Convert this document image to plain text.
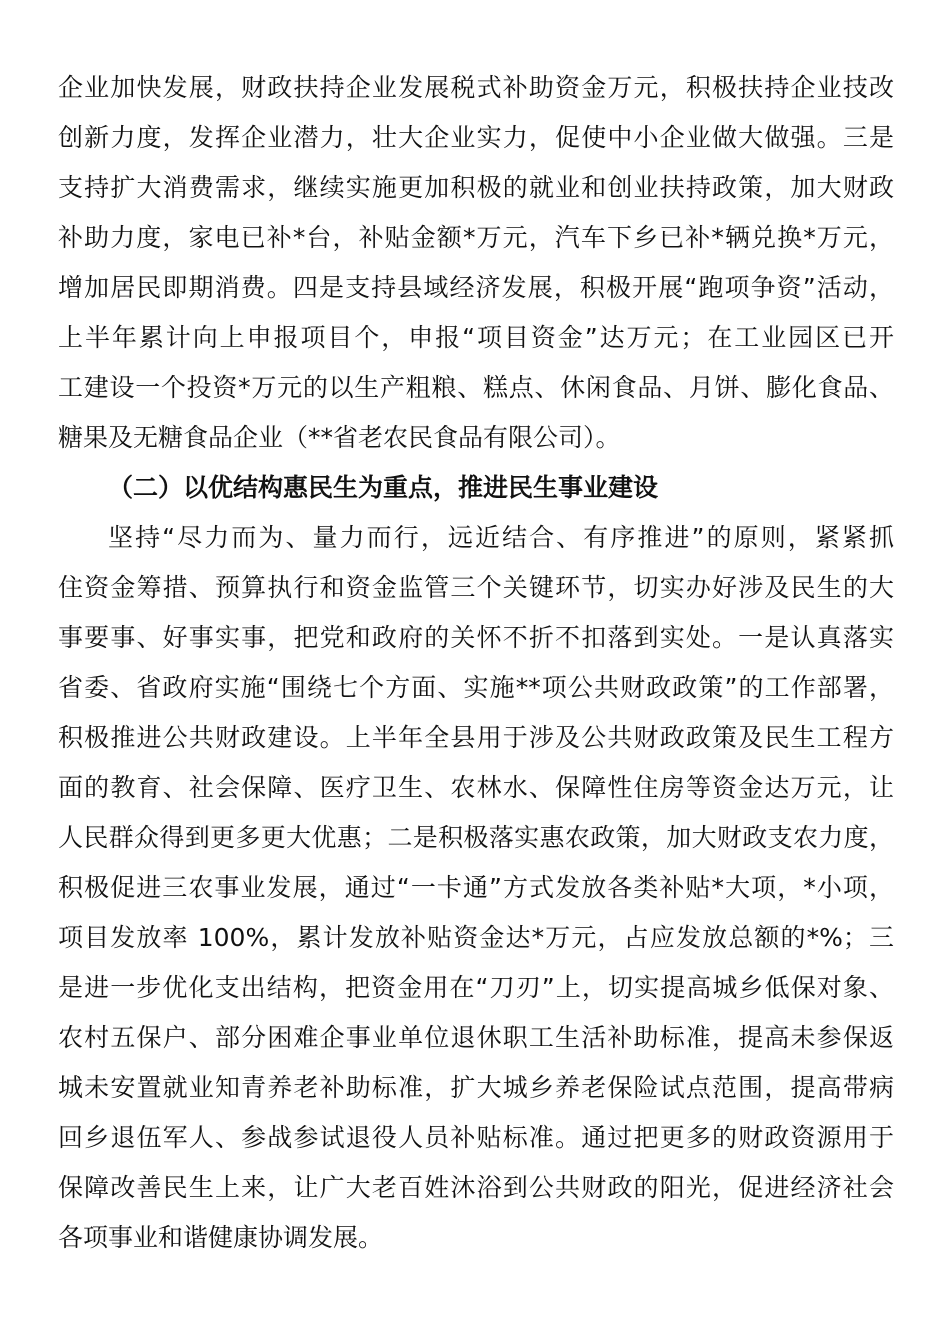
企业加快发展，财政扶持企业发展税式补助资金万元，积极扶持企业技改
创新力度，发挥企业潜力，壮大企业实力，促使中小企业做大做强。三是
支持扩大消费需求，继续实施更加积极的就业和创业扶持政策，加大财政
补助力度，家电已补*台，补贴金额*万元，汽车下乡已补*辆兑换*万元，
增加居民即期消费。四是支持县域经济发展，积极开展“跑项争资”活动，
上半年累计向上申报项目个，申报“项目资金”达万元；在工业园区已开
工建设一个投资*万元的以生产粗粮、糕点、休闲食品、月饼、膨化食品、
糖果及无糖食品企业（**省老农民食品有限公司）。
（二）以优结构惠民生为重点，推进民生事业建设
坚持“尽力而为、量力而行，远近结合、有序推进”的原则，紧紧抓
住资金筹措、预算执行和资金监管三个关键环节，切实办好涉及民生的大
事要事、好事实事，把党和政府的关怀不折不扣落到实处。一是认真落实
省委、省政府实施“围绕七个方面、实施**项公共财政政策”的工作部署，
积极推进公共财政建设。上半年全县用于涉及公共财政政策及民生工程方
面的教育、社会保障、医疗卫生、农林水、保障性住房等资金达万元，让
人民群众得到更多更大优惠；二是积极落实惠农政策，加大财政支农力度，
积极促进三农事业发展，通过“一卡通”方式发放各类补贴*大项，*小项，
项目发放率 100%，累计发放补贴资金达*万元，占应发放总额的*%；三
是进一步优化支出结构，把资金用在“刀刃”上，切实提高城乡低保对象、
农村五保户、部分困难企事业单位退休职工生活补助标准，提高未参保返
城未安置就业知青养老补助标准，扩大城乡养老保险试点范围，提高带病
回乡退伍军人、参战参试退役人员补贴标准。通过把更多的财政资源用于
保障改善民生上来，让广大老百姓沐浴到公共财政的阳光，促进经济社会
各项事业和谐健康协调发展。
